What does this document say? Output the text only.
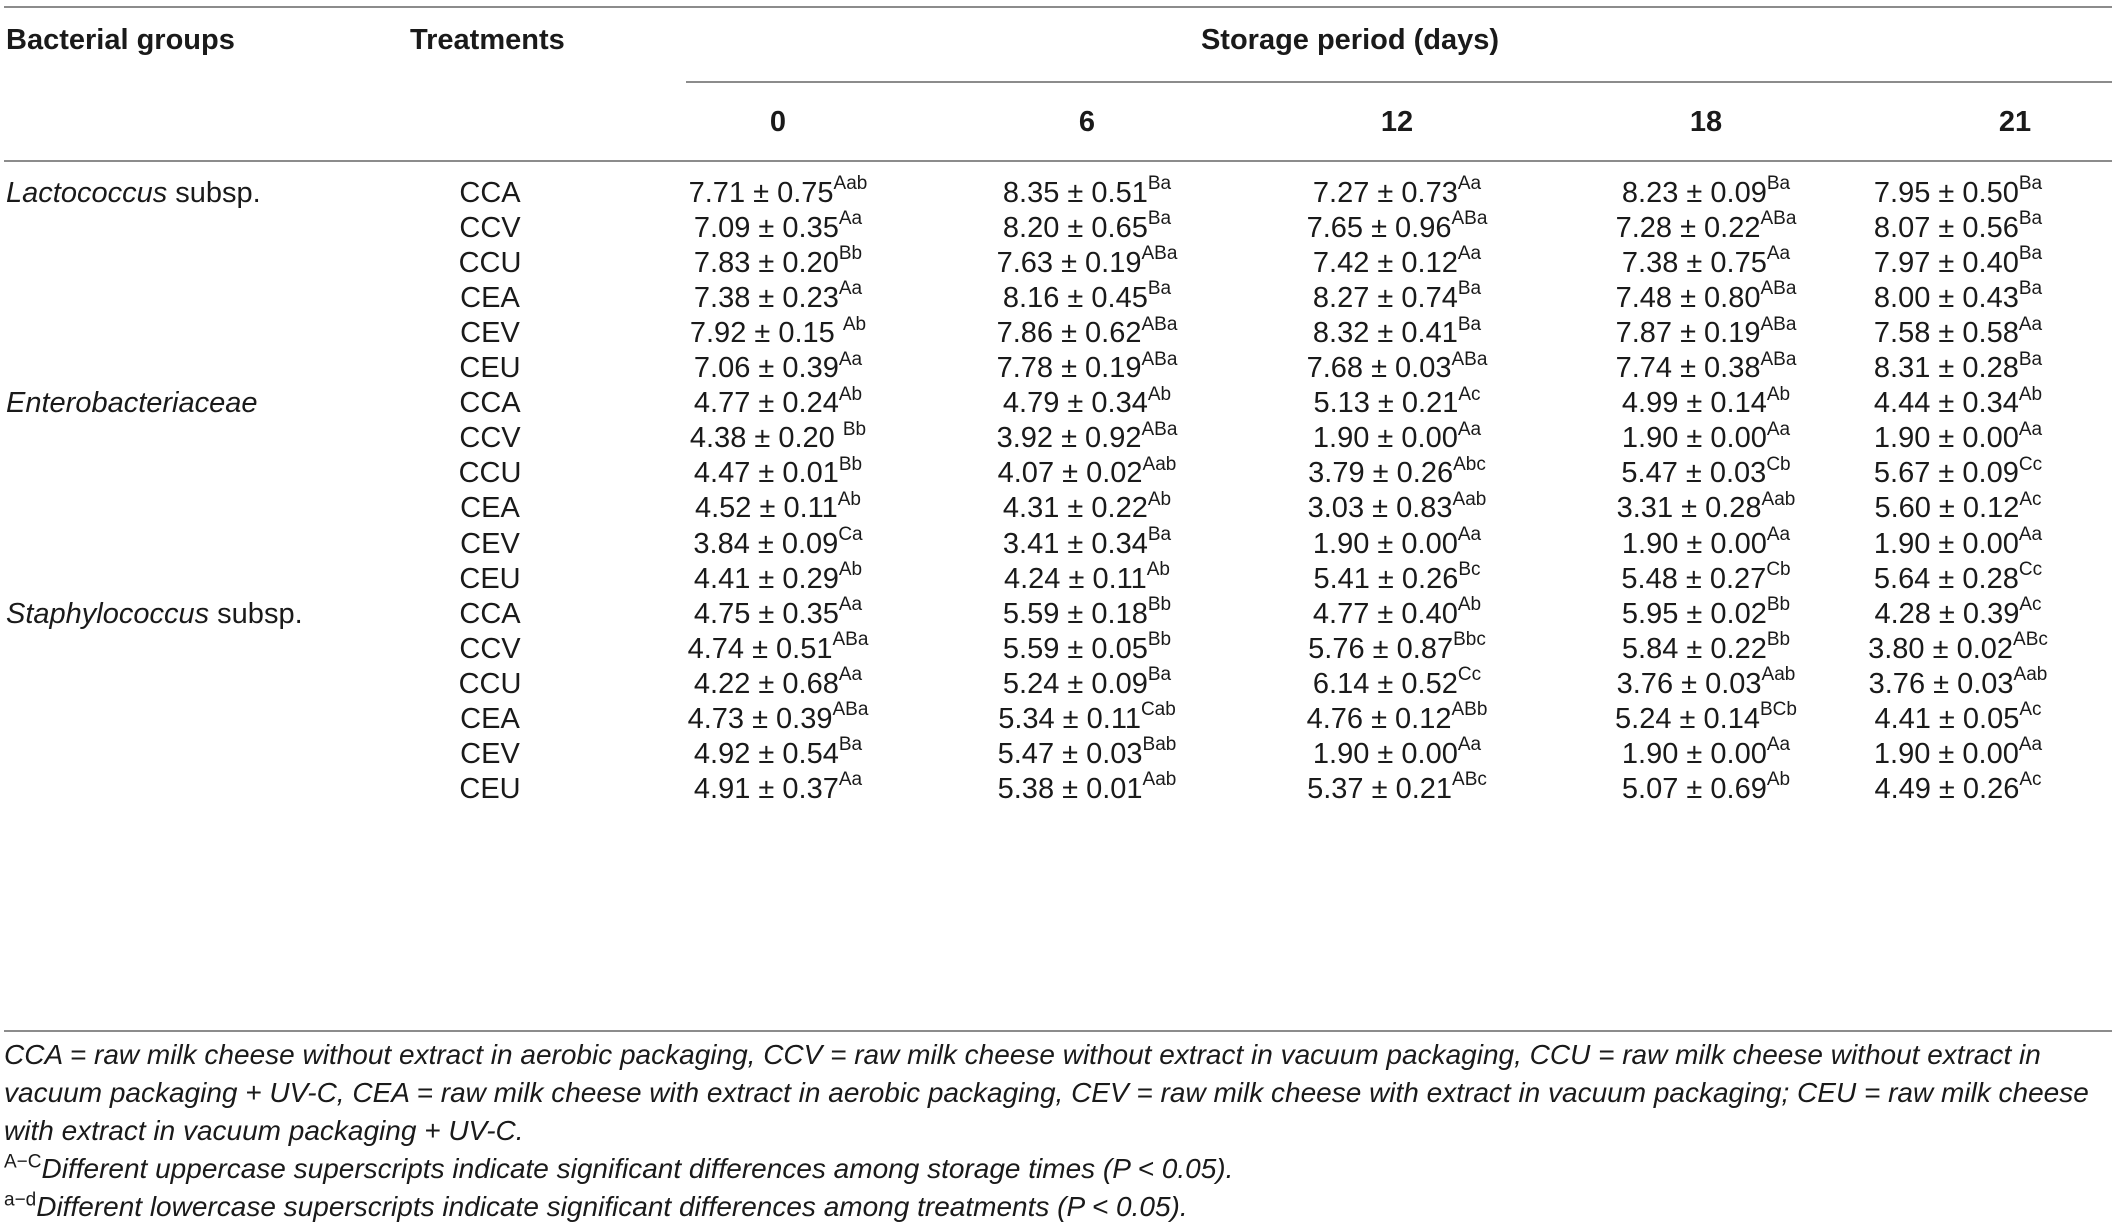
Bacterial groups	Treatments	Storage period (days)
0	6	12	18	21
Lactococcus subsp.	CCA	$7.71 \pm 0.75^{Aab}$	$8.35 \pm 0.51^{Ba}$	$7.27 \pm 0.73^{Aa}$	$8.23 \pm 0.09^{Ba}$	$7.95 \pm 0.50^{Ba}$
CCV	$7.09 \pm 0.35^{Aa}$	$8.20 \pm 0.65^{Ba}$	$7.65 \pm 0.96^{ABa}$	$7.28 \pm 0.22^{ABa}$	$8.07 \pm 0.56^{Ba}$
CCU	$7.83 \pm 0.20^{Bb}$	$7.63 \pm 0.19^{ABa}$	$7.42 \pm 0.12^{Aa}$	$7.38 \pm 0.75^{Aa}$	$7.97 \pm 0.40^{Ba}$
CEA	$7.38 \pm 0.23^{Aa}$	$8.16 \pm 0.45^{Ba}$	$8.27 \pm 0.74^{Ba}$	$7.48 \pm 0.80^{ABa}$	$8.00 \pm 0.43^{Ba}$
CEV	7.92 ± 0.15 $^{Ab}$	$7.86 \pm 0.62^{ABa}$	$8.32 \pm 0.41^{Ba}$	$7.87 \pm 0.19^{ABa}$	$7.58 \pm 0.58^{Aa}$
CEU	$7.06 \pm 0.39^{Aa}$	$7.78 \pm 0.19^{ABa}$	$7.68 \pm 0.03^{ABa}$	$7.74 \pm 0.38^{ABa}$	$8.31 \pm 0.28^{Ba}$
Enterobacteriaceae	CCA	$4.77 \pm 0.24^{Ab}$	$4.79 \pm 0.34^{Ab}$	$5.13 \pm 0.21^{Ac}$	$4.99 \pm 0.14^{Ab}$	$4.44 \pm 0.34^{Ab}$
CCV	4.38 ± 0.20 $^{Bb}$	$3.92 \pm 0.92^{ABa}$	$1.90 \pm 0.00^{Aa}$	$1.90 \pm 0.00^{Aa}$	$1.90 \pm 0.00^{Aa}$
CCU	$4.47 \pm 0.01^{Bb}$	$4.07 \pm 0.02^{Aab}$	$3.79 \pm 0.26^{Abc}$	$5.47 \pm 0.03^{Cb}$	$5.67 \pm 0.09^{Cc}$
CEA	$4.52 \pm 0.11^{Ab}$	$4.31 \pm 0.22^{Ab}$	$3.03 \pm 0.83^{Aab}$	$3.31 \pm 0.28^{Aab}$	$5.60 \pm 0.12^{Ac}$
CEV	$3.84 \pm 0.09^{Ca}$	$3.41 \pm 0.34^{Ba}$	$1.90 \pm 0.00^{Aa}$	$1.90 \pm 0.00^{Aa}$	$1.90 \pm 0.00^{Aa}$
CEU	$4.41 \pm 0.29^{Ab}$	$4.24 \pm 0.11^{Ab}$	$5.41 \pm 0.26^{Bc}$	$5.48 \pm 0.27^{Cb}$	$5.64 \pm 0.28^{Cc}$
Staphylococcus subsp.	CCA	$4.75 \pm 0.35^{Aa}$	$5.59 \pm 0.18^{Bb}$	$4.77 \pm 0.40^{Ab}$	$5.95 \pm 0.02^{Bb}$	$4.28 \pm 0.39^{Ac}$
CCV	$4.74 \pm 0.51^{ABa}$	$5.59 \pm 0.05^{Bb}$	$5.76 \pm 0.87^{Bbc}$	$5.84 \pm 0.22^{Bb}$	$3.80 \pm 0.02^{ABc}$
CCU	$4.22 \pm 0.68^{Aa}$	$5.24 \pm 0.09^{Ba}$	$6.14 \pm 0.52^{Cc}$	$3.76 \pm 0.03^{Aab}$	$3.76 \pm 0.03^{Aab}$
CEA	$4.73 \pm 0.39^{ABa}$	$5.34 \pm 0.11^{Cab}$	$4.76 \pm 0.12^{ABb}$	$5.24 \pm 0.14^{BCb}$	$4.41 \pm 0.05^{Ac}$
CEV	$4.92 \pm 0.54^{Ba}$	$5.47 \pm 0.03^{Bab}$	$1.90 \pm 0.00^{Aa}$	$1.90 \pm 0.00^{Aa}$	$1.90 \pm 0.00^{Aa}$
CEU	$4.91 \pm 0.37^{Aa}$	$5.38 \pm 0.01^{Aab}$	$5.37 \pm 0.21^{ABc}$	$5.07 \pm 0.69^{Ab}$	$4.49 \pm 0.26^{Ac}$
CCA = raw milk cheese without extract in aerobic packaging, CCV = raw milk cheese without extract in vacuum packaging, CCU = raw milk cheese without extract in
vacuum packaging + UV-C, CEA = raw milk cheese with extract in aerobic packaging, CEV = raw milk cheese with extract in vacuum packaging; CEU = raw milk cheese
with extract in vacuum packaging + UV-C.
$^{A-C}$Different uppercase superscripts indicate significant differences among storage times (P < 0.05).
$^{a-d}$Different lowercase superscripts indicate significant differences among treatments (P < 0.05).
